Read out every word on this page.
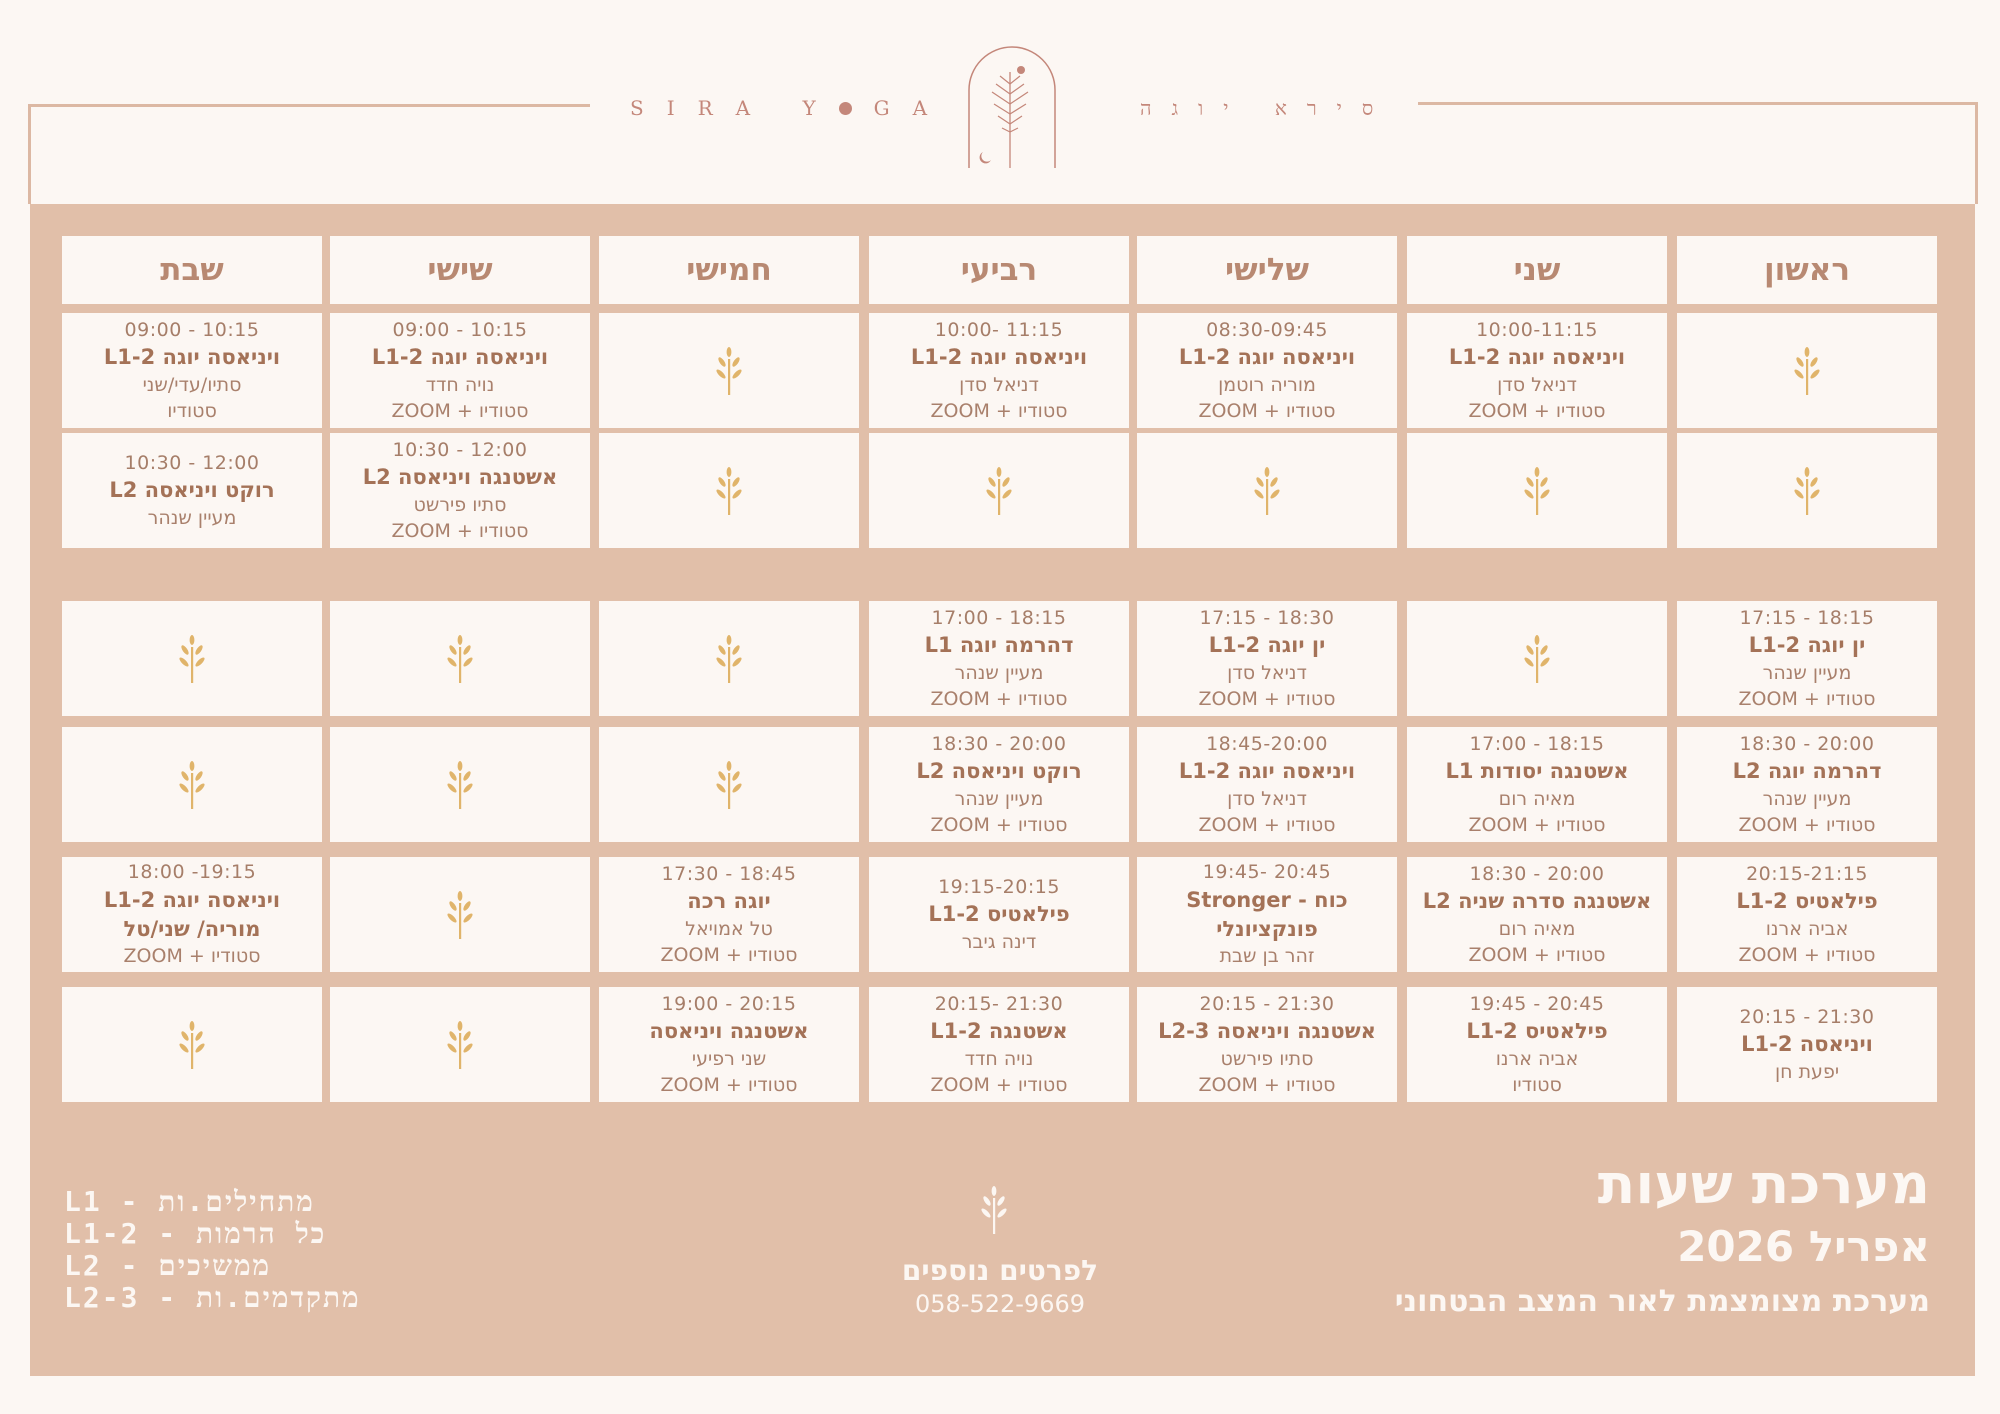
SIRA Y GA	סירא יוגה
ראשון
שני
שלישי
רביעי
חמישי
שישי
שבת
10:00-11:15
ויניאסה יוגה L1-2
דניאל סדן
סטודיו + ZOOM
08:30-09:45
ויניאסה יוגה L1-2
מוריה רוטמן
סטודיו + ZOOM
10:00- 11:15
ויניאסה יוגה L1-2
דניאל סדן
סטודיו + ZOOM
09:00 - 10:15
ויניאסה יוגה L1-2
נויה חדד
סטודיו + ZOOM
09:00 - 10:15
ויניאסה יוגה L1-2
סתיו/עדי/שני
סטודיו
10:30 - 12:00
אשטנגה ויניאסה L2
סתיו פירשט
סטודיו + ZOOM
10:30 - 12:00
רוקט ויניאסה L2
מעיין שנהר
17:15 - 18:15
ין יוגה L1-2
מעיין שנהר
סטודיו + ZOOM
17:15 - 18:30
ין יוגה L1-2
דניאל סדן
סטודיו + ZOOM
17:00 - 18:15
דהרמה יוגה L1
מעיין שנהר
סטודיו + ZOOM
18:30 - 20:00
דהרמה יוגה L2
מעיין שנהר
סטודיו + ZOOM
17:00 - 18:15
אשטנגה יסודות L1
מאיה רום
סטודיו + ZOOM
18:45-20:00
ויניאסה יוגה L1-2
דניאל סדן
סטודיו + ZOOM
18:30 - 20:00
רוקט ויניאסה L2
מעיין שנהר
סטודיו + ZOOM
20:15-21:15
פילאטיס L1-2
אביה ארנו
סטודיו + ZOOM
18:30 - 20:00
אשטנגה סדרה שניה L2
מאיה רום
סטודיו + ZOOM
19:45- 20:45
כוח - Stronger
פונקציונלי
זהר בן שבת
19:15-20:15
פילאטיס L1-2
דינה גיבר
17:30 - 18:45
יוגה רכה
טל אמויאל
סטודיו + ZOOM
18:00 -19:15
ויניאסה יוגה L1-2
מוריה/ שני/טל
סטודיו + ZOOM
20:15 - 21:30
ויניאסה L1-2
יפעת חן
19:45 - 20:45
פילאטיס L1-2
אביה ארנו
סטודיו
20:15 - 21:30
אשטנגה ויניאסה L2-3
סתיו פירשט
סטודיו + ZOOM
20:15- 21:30
אשטנגה L1-2
נויה חדד
סטודיו + ZOOM
19:00 - 20:15
אשטנגה ויניאסה
שני רפיעי
סטודיו + ZOOM
מערכת שעות
אפריל 2026
מערכת מצומצמת לאור המצב הבטחוני
לפרטים נוספים
058-522-9669
L1 - מתחילים.ות
L1-2 - כל הרמות
L2 - ממשיכים
L2-3 - מתקדמים.ות
